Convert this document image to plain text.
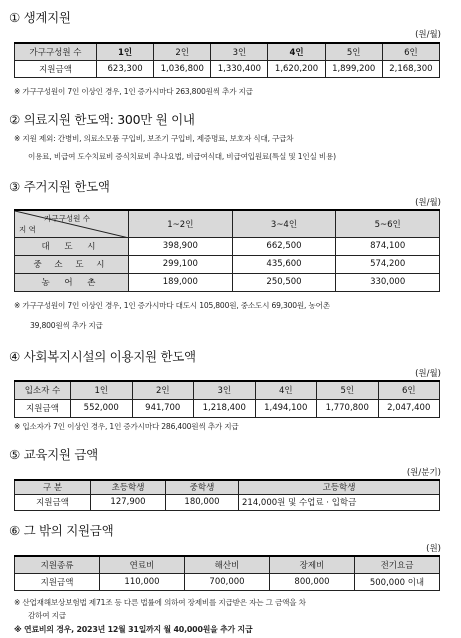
① 생계지원
(원/월)
가구구성원 수	1인	2인	3인	4인	5인	6인
지원금액	623,300	1,036,800	1,330,400	1,620,200	1,899,200	2,168,300
※ 가구구성원이 7인 이상인 경우, 1인 증가시마다 263,800원씩 추가 지급
② 의료지원 한도액: 300만 원 이내
※ 지원 제외: 간병비, 의료소모품 구입비, 보조기 구입비, 제증명료, 보호자 식대, 구급차
이용료, 비급여 도수치료비 증식치료비 추나요법, 비급여식대, 비급여입원료(특실 및 1인실 비용)
③ 주거지원 한도액
(원/월)
가구구성원 수
지 역	1~2인	3~4인	5~6인
대 도 시	398,900	662,500	874,100
중 소 도 시	299,100	435,600	574,200
농 어 촌	189,000	250,500	330,000
※ 가구구성원이 7인 이상인 경우, 1인 증가시마다 대도시 105,800원, 중소도시 69,300원, 농어촌
39,800원씩 추가 지급
④ 사회복지시설의 이용지원 한도액
(원/월)
입소자 수	1인	2인	3인	4인	5인	6인
지원금액	552,000	941,700	1,218,400	1,494,100	1,770,800	2,047,400
※ 입소자가 7인 이상인 경우, 1인 증가시마다 286,400원씩 추가 지급
⑤ 교육지원 금액
(원/분기)
구 분	초등학생	중학생	고등학생
지원금액	127,900	180,000	214,000원 및 수업료 · 입학금
⑥ 그 밖의 지원금액
(원)
지원종류	연료비	해산비	장제비	전기요금
지원금액	110,000	700,000	800,000	500,000 이내
※ 산업재해보상보험법 제71조 등 다른 법률에 의하여 장제비를 지급받은 자는 그 금액을 차
감하여 지급
※ 연료비의 경우, 2023년 12월 31일까지 월 40,000원을 추가 지급
